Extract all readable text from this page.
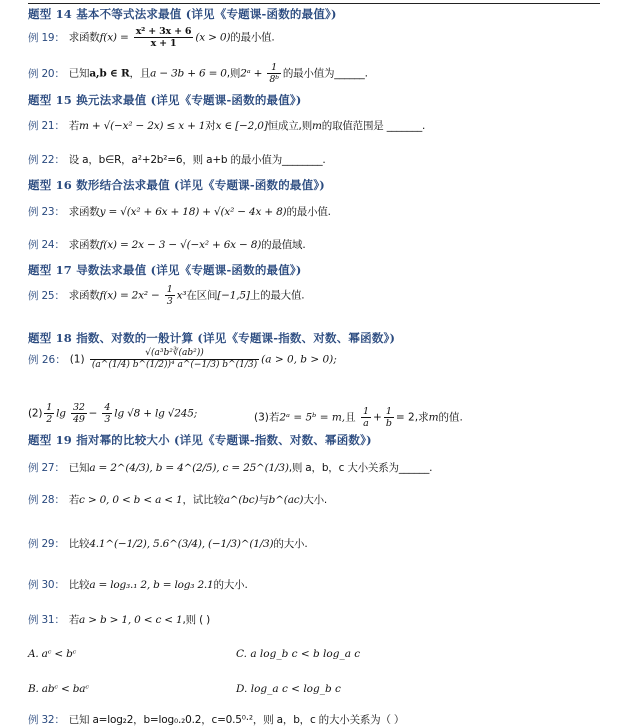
题型 14 基本不等式法求最值 (详见《专题课-函数的最值》)
例 19： 求函数$f(x) = \frac{\text{x² + 3x + 6}}{x + 1} (x > 0)$的最小值.
例 20： 已知a,b ∈ R，且a − 3b + 6 = 0,则2ᵃ + $\frac{1}{\text{8ᵇ}}$ 的最小值为______.
题型 15 换元法求最值 (详见《专题课-函数的最值》)
例 21： 若m + √(−x² − 2x) ≤ x + 1对x ∈ [−2,0]恒成立,则m的取值范围是 _______.
例 22： 设 a，b∈R，a²+2b²=6，则 a+b 的最小值为________.
题型 16 数形结合法求最值 (详见《专题课-函数的最值》)
例 23： 求函数y = √(x² + 6x + 18) + √(x² − 4x + 8)的最小值.
例 24： 求函数f(x) = 2x − 3 − √(−x² + 6x − 8)的最值域.
题型 17 导数法求最值 (详见《专题课-函数的最值》)
例 25： 求函数$f(x) = 2x^2 - \frac{1}{3} x^3$在区间[−1,5]上的最大值.
题型 18 指数、对数的一般计算 (详见《专题课-指数、对数、幂函数》)
例 26： $(1) \frac{\text{√(a³b²∛(ab²))}}{\text{(a\textasciicircum{}(1/4) b\textasciicircum{}(1/2))⁴ a\textasciicircum{}(−1/3) b\textasciicircum{}(1/3)}} (a > 0$, b > 0);
$(2) \frac{1}{2}$ $\lg \frac{32}{49} - \frac{4}{3}$ lg √8 + lg √245;	(3)若2ᵃ = 5ᵇ = m,且 $\frac{1}{a} + \frac{1}{b} = 2$,求m的值.
题型 19 指对幂的比较大小 (详见《专题课-指数、对数、幂函数》)
例 27： 已知a = 2^(4/3), b = 4^(2/5), c = 25^(1/3),则 a，b，c 大小关系为______.
例 28： 若c > 0, 0 < b < a < 1，试比较a^(bc)与b^(ac)大小.
例 29： 比较4.1^(−1/2), 5.6^(3/4), (−1/3)^(1/3)的大小.
例 30： 比较a = log₃.₁ 2, b = log₃ 2.1的大小.
例 31： 若a > b > 1, 0 < c < 1,则 ( )
A. aᶜ < bᶜ	C. a log_b c < b log_a c
B. abᶜ < baᶜ	D. log_a c < log_b c
例 32： 已知 a=log₂2，b=log₀.₂0.2，c=0.5⁰·²，则 a，b，c 的大小关系为（ ）
